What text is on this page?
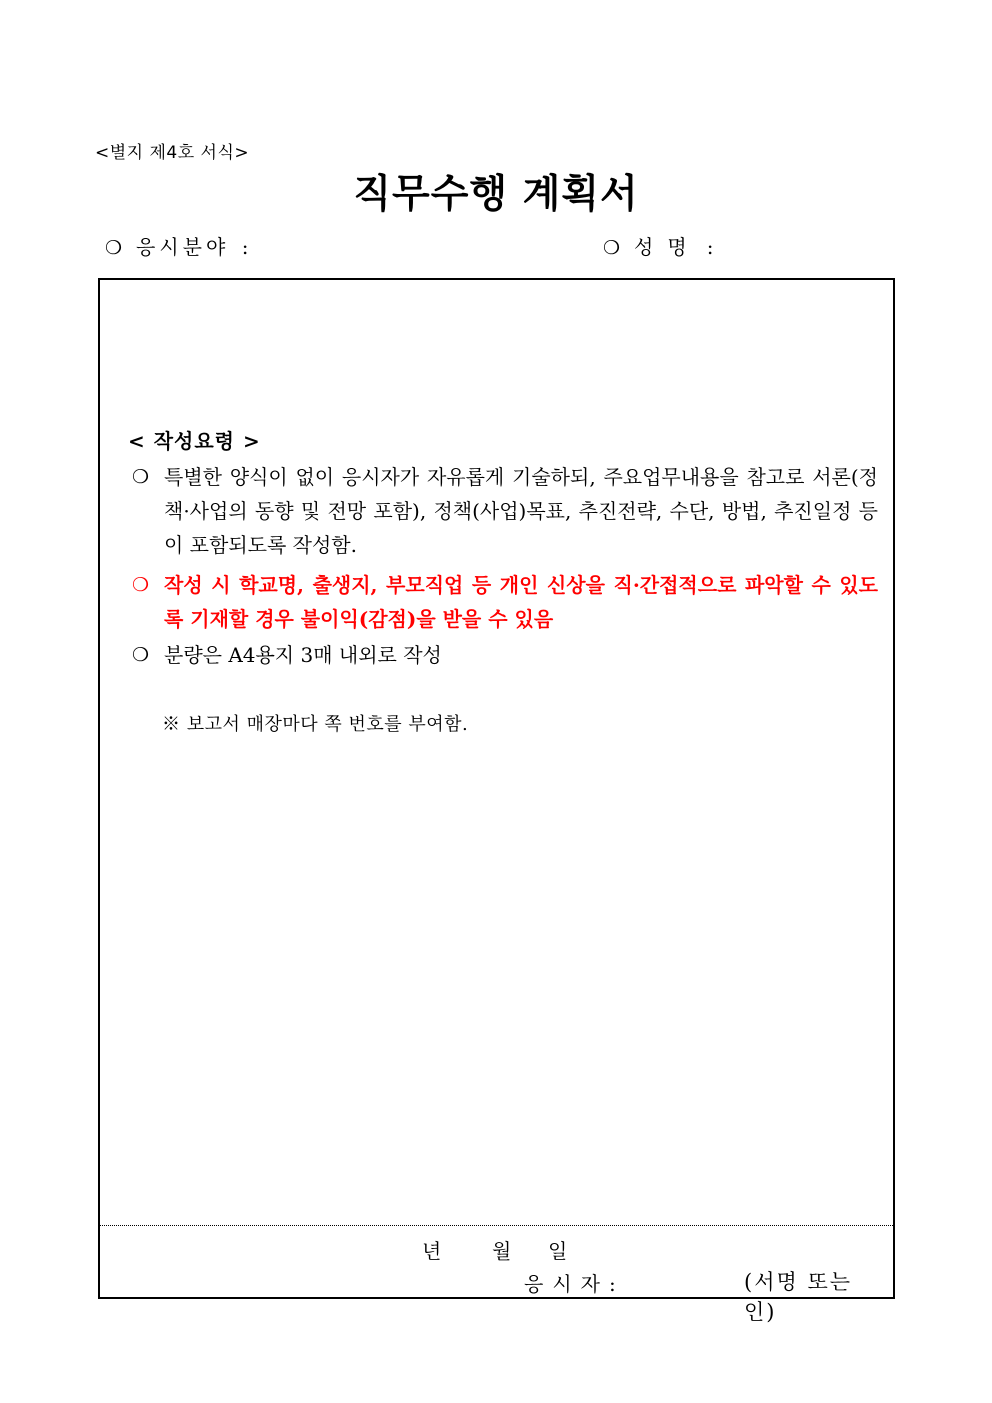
<별지 제4호 서식>
직무수행 계획서
❍ 응시분야 :	❍ 성명 :
< 작성요령 >
❍ 특별한 양식이 없이 응시자가 자유롭게 기술하되, 주요업무내용을 참고로 서론(정책·사업의 동향 및 전망 포함), 정책(사업)목표, 추진전략, 수단, 방법, 추진일정 등이 포함되도록 작성함.
❍ 작성 시 학교명, 출생지, 부모직업 등 개인 신상을 직·간접적으로 파악할 수 있도록 기재할 경우 불이익(감점)을 받을 수 있음
❍ 분량은 A4용지 3매 내외로 작성
※ 보고서 매장마다 쪽 번호를 부여함.
년	월 일
응시자:	(서명 또는 인)
